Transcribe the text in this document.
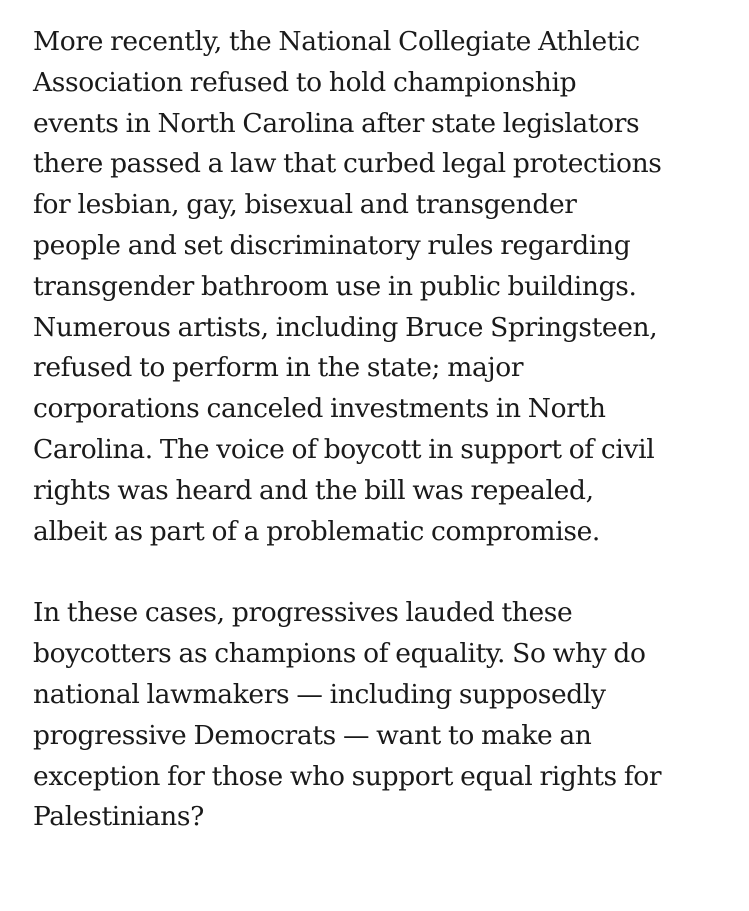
More recently, the National Collegiate Athletic
Association refused to hold championship
events in North Carolina after state legislators
there passed a law that curbed legal protections
for lesbian, gay, bisexual and transgender
people and set discriminatory rules regarding
transgender bathroom use in public buildings.
Numerous artists, including Bruce Springsteen,
refused to perform in the state; major
corporations canceled investments in North
Carolina. The voice of boycott in support of civil
rights was heard and the bill was repealed,
albeit as part of a problematic compromise.

In these cases, progressives lauded these
boycotters as champions of equality. So why do
national lawmakers — including supposedly
progressive Democrats — want to make an
exception for those who support equal rights for
Palestinians?
